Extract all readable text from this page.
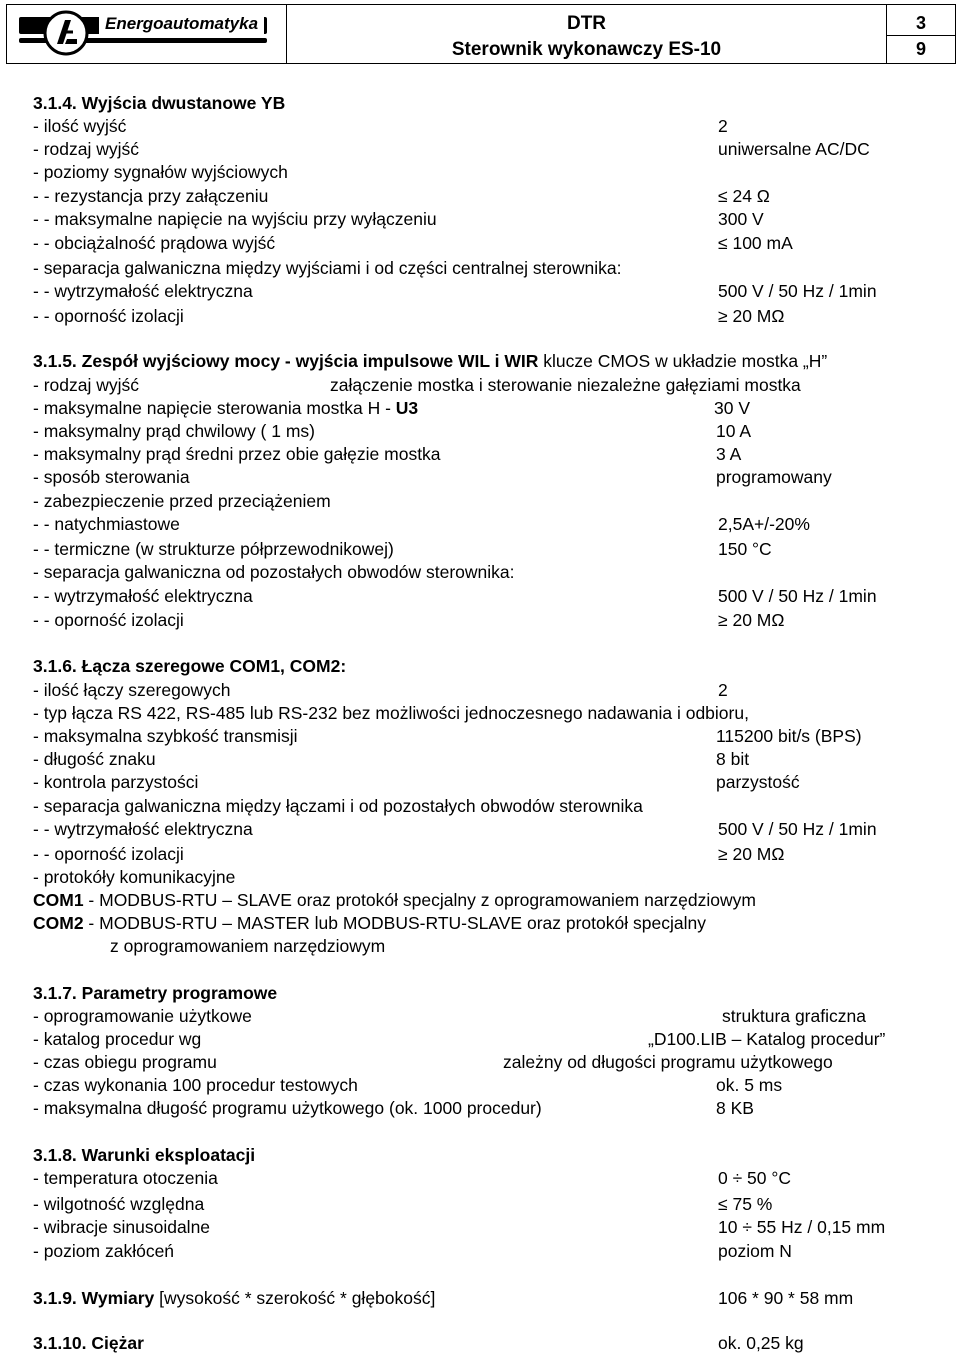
Energoautomatyka	DTR
Sterownik wykonawczy ES-10
3
9
3.1.4. Wyjścia dwustanowe YB
- ilość wyjść	2
- rodzaj wyjść	uniwersalne AC/DC
- poziomy sygnałów wyjściowych
- - rezystancja przy załączeniu	≤ 24 Ω
- - maksymalne napięcie na wyjściu przy wyłączeniu	300 V
- - obciążalność prądowa wyjść	≤ 100 mA
- separacja galwaniczna między wyjściami i od części centralnej sterownika:
- - wytrzymałość elektryczna	500 V / 50 Hz / 1min
- - oporność izolacji	≥ 20 MΩ
3.1.5. Zespół wyjściowy mocy - wyjścia impulsowe WIL i WIR klucze CMOS w układzie mostka „H”
- rodzaj wyjść	załączenie mostka i sterowanie niezależne gałęziami mostka
- maksymalne napięcie sterowania mostka H - U3	30 V
- maksymalny prąd chwilowy ( 1 ms)	10 A
- maksymalny prąd średni przez obie gałęzie mostka	3 A
- sposób sterowania	programowany
- zabezpieczenie przed przeciążeniem
- - natychmiastowe	2,5A+/-20%
- - termiczne (w strukturze półprzewodnikowej)	150 °C
- separacja galwaniczna od pozostałych obwodów sterownika:
- - wytrzymałość elektryczna	500 V / 50 Hz / 1min
- - oporność izolacji	≥ 20 MΩ
3.1.6. Łącza szeregowe COM1, COM2:
- ilość łączy szeregowych	2
- typ łącza RS 422, RS-485 lub RS-232 bez możliwości jednoczesnego nadawania i odbioru,
- maksymalna szybkość transmisji	115200 bit/s (BPS)
- długość znaku	8 bit
- kontrola parzystości	parzystość
- separacja galwaniczna między łączami i od pozostałych obwodów sterownika
- - wytrzymałość elektryczna	500 V / 50 Hz / 1min
- - oporność izolacji	≥ 20 MΩ
- protokóły komunikacyjne
COM1 - MODBUS-RTU – SLAVE oraz protokół specjalny z oprogramowaniem narzędziowym
COM2 - MODBUS-RTU – MASTER lub MODBUS-RTU-SLAVE oraz protokół specjalny
z oprogramowaniem narzędziowym
3.1.7. Parametry programowe
- oprogramowanie użytkowe	struktura graficzna
- katalog procedur wg	„D100.LIB – Katalog procedur”
- czas obiegu programu	zależny od długości programu użytkowego
- czas wykonania 100 procedur testowych	ok. 5 ms
- maksymalna długość programu użytkowego (ok. 1000 procedur)	8 KB
3.1.8. Warunki eksploatacji
- temperatura otoczenia	0 ÷ 50 °C
- wilgotność względna	≤ 75 %
- wibracje sinusoidalne	10 ÷ 55 Hz / 0,15 mm
- poziom zakłóceń	poziom N
3.1.9. Wymiary [wysokość * szerokość * głębokość]	106 * 90 * 58 mm
3.1.10. Ciężar	ok. 0,25 kg
